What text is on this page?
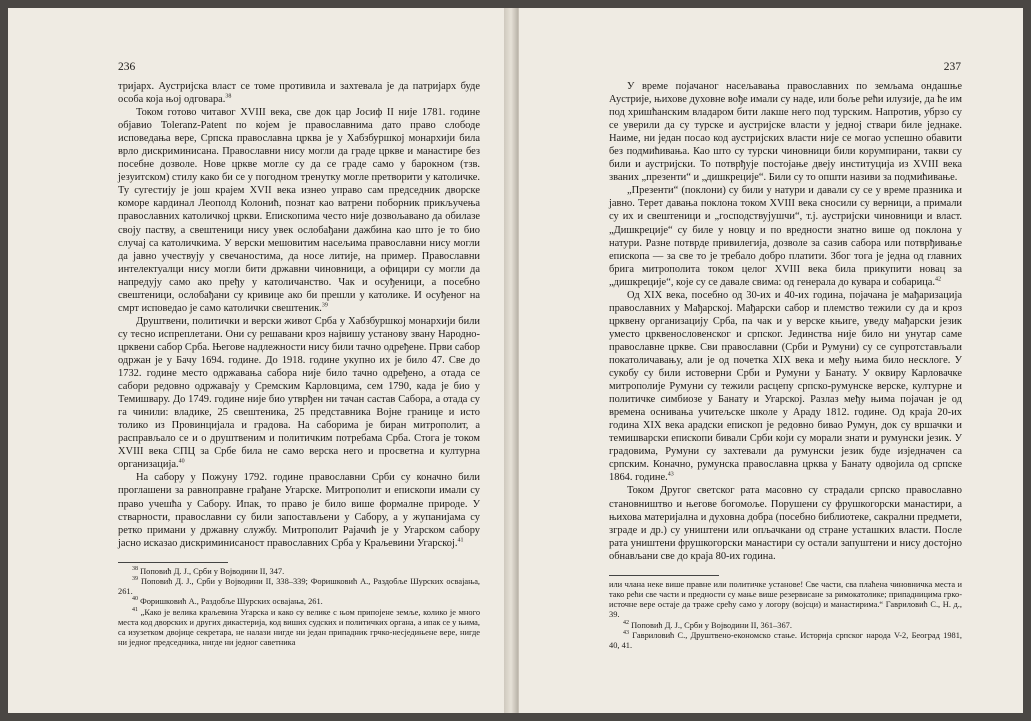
236

тријарх. Аустријска власт се томе противила и захтевала је да патријарх буде особа која њој одговара.$^{38}$

Током готово читавог XVIII века, све док цар Јосиф II није 1781. године објавио Toleranz-Patent по којем је православнима дато право слободе исповедања вере, Српска православна црква је у Хабзбуршкој монархији била врло дискриминисана. Православни нису могли да граде цркве и манастире без посебне дозволе. Нове цркве могле су да се граде само у барокном (тзв. језуитском) стилу како би се у погодном тренутку могле претворити у католичке. Ту сугестију је још крајем XVII века изнео управо сам председник дворске коморе кардинал Леополд Колонић, познат као ватрени поборник прикључења православних католичкој цркви. Епископима често није дозвољавано да обилазе своју паству, а свештеници нису увек ослобађани дажбина као што је то био случај са католичкима. У верски мешовитим насељима православни нису могли да јавно учествују у свечаностима, да носе литије, на пример. Православни интелектуалци нису могли бити државни чиновници, а официри су могли да напредују само ако пређу у католичанство. Чак и осуђеници, а посебно свештеници, ослобађани су кривице ако би прешли у католике. И осуђеног на смрт исповедао је само католички свештеник.$^{39}$

Друштвени, политички и верски живот Срба у Хабзбуршкој монархији били су тесно испреплетани. Они су решавани кроз највишу установу звану Народно-црквени сабор Срба. Његове надлежности нису били тачно одређене. Први сабор одржан је у Бачу 1694. године. До 1918. године укупно их је било 47. Све до 1732. године место одржавања сабора није било тачно одређено, а отада се сабори редовно одржавају у Сремским Карловцима, сем 1790, када је био у Темишвару. До 1749. године није био утврђен ни тачан састав Сабора, а отада су га чинили: владике, 25 свештеника, 25 представника Војне границе и исто толико из Провинцијала и градова. На саборима је биран митрополит, а расправљало се и о друштвеним и политичким потребама Срба. Стога је током XVIII века СПЦ за Србе била не само верска него и просветна и културна организација.$^{40}$

На сабору у Пожуну 1792. године православни Срби су коначно били проглашени за равноправне грађане Угарске. Митрополит и епископи имали су право учешћа у Сабору. Ипак, то право је било више формалне природе. У стварности, православни су били запостављени у Сабору, а у жупанијама су ретко примани у државну службу. Митрополит Рајачић је у Угарском сабору јасно исказао дискриминисаност православних Срба у Краљевини Угарској.$^{41}$

$^{38}$ Поповић Д. Ј., Срби у Војводини II, 347.

$^{39}$ Поповић Д. Ј., Срби у Војводини II, 338–339; Форишковић А., Раздобље Шурских освајања, 261.

$^{40}$ Форишковић А., Раздобље Шурских освајања, 261.

$^{41}$ „Како је велика краљевина Угарска и како су велике с њом припојене земље, колико је много места код дворских и других дикастерија, код виших судских и политичких органа, а ипак се у њима, са изузетком двојице секретара, не налази нигде ни један припадник грчко-несједињене вере, нигде ни једног председника, нигде ни једног саветника

237

У време појачаног насељавања православних по земљама ондашње Аустрије, њихове духовне вође имали су наде, или боље рећи илузије, да ће им под хришћанским владаром бити лакше него под турским. Напротив, убрзо су се уверили да су турске и аустријске власти у једној ствари биле једнаке. Наиме, ни један посао код аустријских власти није се могао успешно обавити без подмићивања. Као што су турски чиновници били корумпирани, такви су били и аустријски. То потврђује постојање двеју институција из XVIII века званих „презенти“ и „дишкреције“. Били су то општи називи за подмићивање.

„Презенти“ (поклони) су били у натури и давали су се у време празника и јавно. Терет давања поклона током XVIII века сносили су верници, а примали су их и свештеници и „господствујушчи“, т.ј. аустријски чиновници и власт. „Дишкреције“ су биле у новцу и по вредности знатно више од поклона у натури. Разне потврде привилегија, дозволе за сазив сабора или потврђивање епископа — за све то је требало добро платити. Због тога је једна од главних брига митрополита током целог XVIII века била прикупити новац за „дишкреције“, које су се давале свима: од генерала до кувара и собарица.$^{42}$

Од XIX века, посебно од 30-их и 40-их година, појачана је мађаризација православних у Мађарској. Мађарски сабор и племство тежили су да и кроз црквену организацију Срба, па чак и у верске књиге, уведу мађарски језик уместо црквенословенског и српског. Јединства није било ни унутар саме православне цркве. Сви православни (Срби и Румуни) су се супротстављали покатоличавању, али је од почетка XIX века и међу њима било несклоге. У сукобу су били истоверни Срби и Румуни у Банату. У оквиру Карловачке митрополије Румуни су тежили расцепу српско-румунске верске, културне и политичке симбиозе у Банату и Угарској. Разлаз међу њима појачан је од времена оснивања учитељске школе у Араду 1812. године. Од краја 20-их година XIX века арадски епископ је редовно бивао Румун, док су вршачки и темишварски епископи бивали Срби који су морали знати и румунски језик. У градовима, Румуни су захтевали да румунски језик буде изједначен са српским. Коначно, румунска православна црква у Банату одвојила од српске 1864. године.$^{43}$

Током Другог светског рата масовно су страдали српско православно становништво и његове богомоље. Порушени су фрушкогорски манастири, а њихова материјална и духовна добра (посебно библиотеке, сакрални предмети, зграде и др.) су уништени или опљачкани од стране усташких власти. После рата уништени фрушкогорски манастири су остали запуштени и нису достојно обнављани све до краја 80-их година.

или члана неке више правне или политичке установе! Све части, сва плаћена чиновничка места и тако рећи све части и предности су мање више резервисане за римокатолике; припадницима грко-источне вере остаје да траже срећу само у логору (војсци) и манастирима.“ Гавриловић С., Н. д., 39.

$^{42}$ Поповић Д. Ј., Срби у Војводини II, 361–367.

$^{43}$ Гавриловић С., Друштвено-економско стање. Историја српског народа V-2, Београд 1981, 40, 41.
